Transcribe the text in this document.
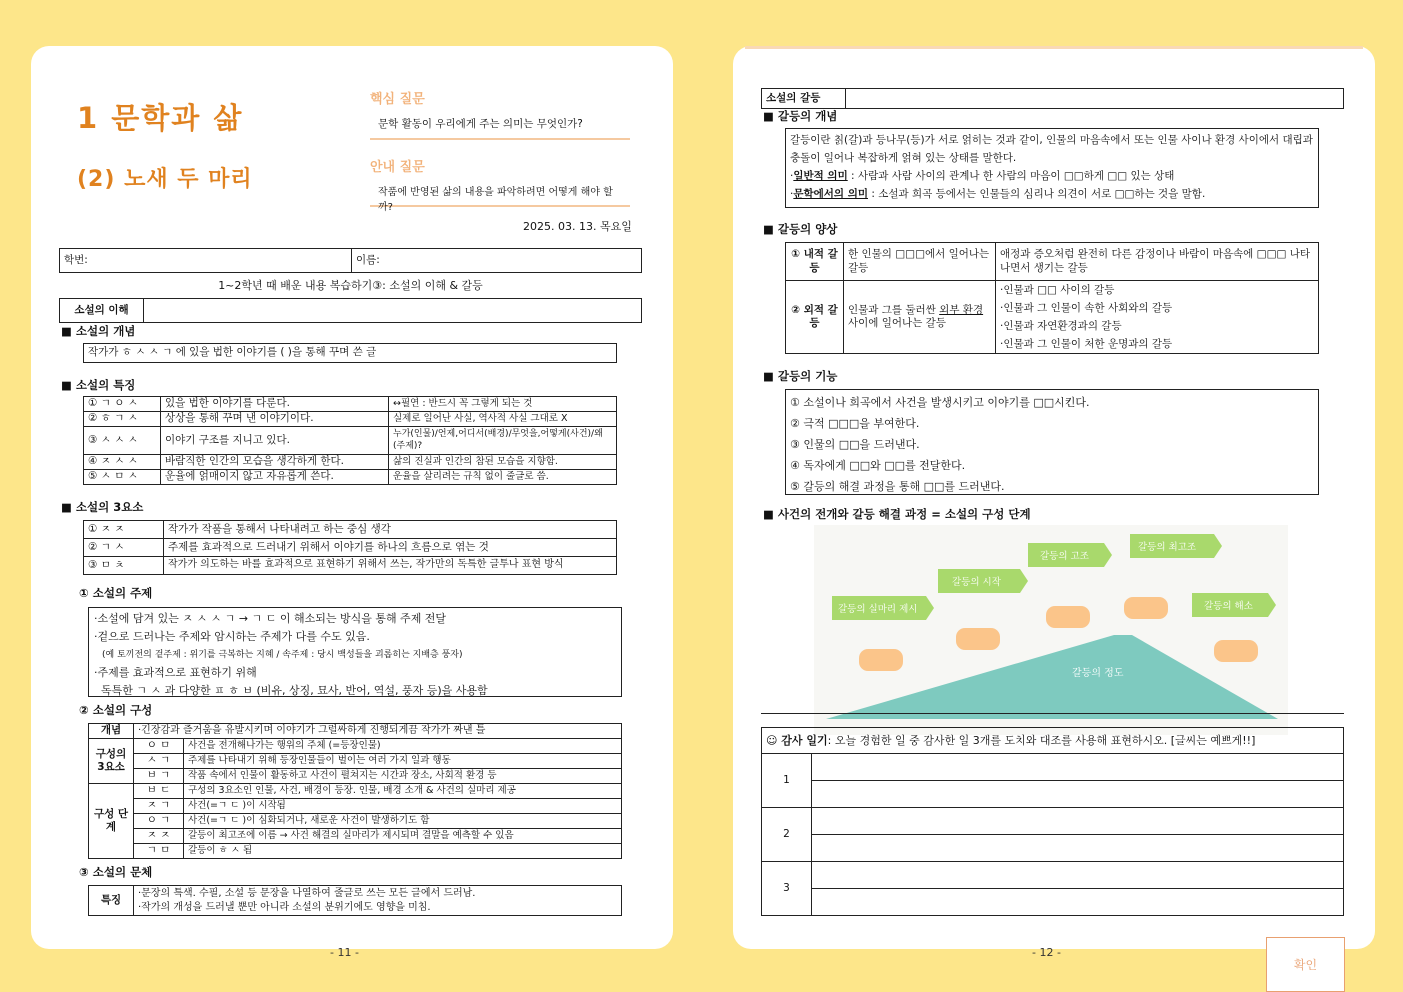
1 문학과 삶
(2) 노새 두 마리
핵심 질문
문학 활동이 우리에게 주는 의미는 무엇인가?
안내 질문
작품에 반영된 삶의 내용을 파악하려면 어떻게 해야 할까?
2025. 03. 13. 목요일
학번:	이름:
1~2학년 때 배운 내용 복습하기③: 소설의 이해 & 갈등
소설의 이해	
■ 소설의 개념
작가가 ㅎ ㅅ ㅅ ㄱ 에 있을 법한 이야기를 ( )을 통해 꾸며 쓴 글
■ 소설의 특징
① ㄱ ㅇ ㅅ	있을 법한 이야기를 다룬다.	↔필연 : 반드시 꼭 그렇게 되는 것
② ㅎ ㄱ ㅅ	상상을 통해 꾸며 낸 이야기이다.	실제로 일어난 사실, 역사적 사실 그대로 X
③ ㅅ ㅅ ㅅ	이야기 구조를 지니고 있다.	누가(인물)/언제,어디서(배경)/무엇을,어떻게(사건)/왜(주제)?
④ ㅈ ㅅ ㅅ	바람직한 인간의 모습을 생각하게 한다.	삶의 진실과 인간의 참된 모습을 지향함.
⑤ ㅅ ㅁ ㅅ	운율에 얽매이지 않고 자유롭게 쓴다.	운율을 살리려는 규칙 없이 줄글로 씀.
■ 소설의 3요소
① ㅈ ㅈ	작가가 작품을 통해서 나타내려고 하는 중심 생각
② ㄱ ㅅ	주제를 효과적으로 드러내기 위해서 이야기를 하나의 흐름으로 엮는 것
③ ㅁ ㅊ	작가가 의도하는 바를 효과적으로 표현하기 위해서 쓰는, 작가만의 독특한 글투나 표현 방식
① 소설의 주제
·소설에 담겨 있는 ㅈ ㅅ ㅅ ㄱ → ㄱ ㄷ 이 해소되는 방식을 통해 주제 전달
·겉으로 드러나는 주제와 암시하는 주제가 다를 수도 있음.
(예 토끼전의 겉주제 : 위기를 극복하는 지혜 / 속주제 : 당시 백성들을 괴롭히는 지배층 풍자)
·주제를 효과적으로 표현하기 위해
독특한 ㄱ ㅅ 과 다양한 ㅍ ㅎ ㅂ (비유, 상징, 묘사, 반어, 역설, 풍자 등)을 사용함
② 소설의 구성
개념	·긴장감과 즐거움을 유발시키며 이야기가 그럴싸하게 진행되게끔 작가가 짜낸 틀	
구성의 3요소	ㅇ ㅁ	사건을 전개해나가는 행위의 주체 (=등장인물)
	ㅅ ㄱ	주제를 나타내기 위해 등장인물들이 벌이는 여러 가지 일과 행동
	ㅂ ㄱ	작품 속에서 인물이 활동하고 사건이 펼쳐지는 시간과 장소, 사회적 환경 등
구성 단계	ㅂ ㄷ	구성의 3요소인 인물, 사건, 배경이 등장. 인물, 배경 소개 & 사건의 실마리 제공
	ㅈ ㄱ	사건(=ㄱ ㄷ )이 시작됨
	ㅇ ㄱ	사건(=ㄱ ㄷ )이 심화되거나, 새로운 사건이 발생하기도 함
	ㅈ ㅈ	갈등이 최고조에 이름 → 사건 해결의 실마리가 제시되며 결말을 예측할 수 있음
	ㄱ ㅁ	갈등이 ㅎ ㅅ 됨
③ 소설의 문체
특징	
·문장의 특색. 수필, 소설 등 문장을 나열하여 줄글로 쓰는 모든 글에서 드러남.
·작가의 개성을 드러낼 뿐만 아니라 소설의 분위기에도 영향을 미침.
- 11 -
소설의 갈등	
■ 갈등의 개념
갈등이란 칡(갈)과 등나무(등)가 서로 얽히는 것과 같이, 인물의 마음속에서 또는 인물 사이나 환경 사이에서 대립과 충돌이 일어나 복잡하게 얽혀 있는 상태를 말한다.
·일반적 의미 : 사람과 사람 사이의 관계나 한 사람의 마음이 □□하게 □□ 있는 상태
·문학에서의 의미 : 소설과 희곡 등에서는 인물들의 심리나 의견이 서로 □□하는 것을 말함.
■ 갈등의 양상
① 내적 갈등	한 인물의 □□□에서 일어나는 갈등	애정과 증오처럼 완전히 다른 감정이나 바람이 마음속에 □□□ 나타나면서 생기는 갈등
② 외적 갈등	인물과 그를 둘러싼 외부 환경 사이에 일어나는 갈등	·인물과 □□ 사이의 갈등
·인물과 그 인물이 속한 사회와의 갈등
·인물과 자연환경과의 갈등
·인물과 그 인물이 처한 운명과의 갈등
■ 갈등의 기능
① 소설이나 희곡에서 사건을 발생시키고 이야기를 □□시킨다.
② 극적 □□□을 부여한다.
③ 인물의 □□을 드러낸다.
④ 독자에게 □□와 □□를 전달한다.
⑤ 갈등의 해결 과정을 통해 □□를 드러낸다.
■ 사건의 전개와 갈등 해결 과정 = 소설의 구성 단계
갈등의 정도
갈등의 실마리 제시
갈등의 시작
갈등의 고조
갈등의 최고조
갈등의 해소
☺ 감사 일기: 오늘 경험한 일 중 감사한 일 3개를 도치와 대조를 사용해 표현하시오. [글씨는 예쁘게!!]	
1	

2	

3	

- 12 -
확인
